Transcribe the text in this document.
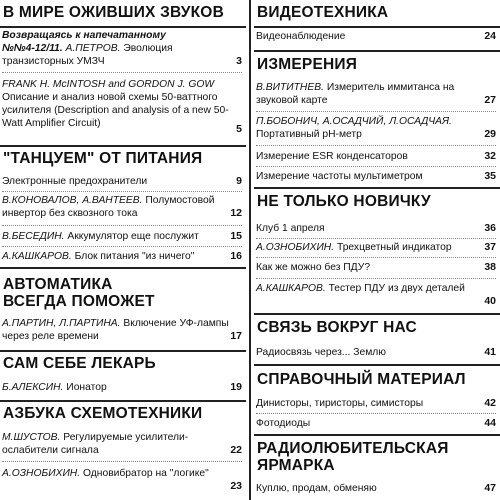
В МИРЕ ОЖИВШИХ ЗВУКОВ
Возвращаясь к напечатанному
№№4-12/11. А.ПЕТРОВ. Эволюция транзисторных УМЗЧ	3
FRANK H. McINTOSH and GORDON J. GOW
Описание и анализ новой схемы 50-ваттного усилителя (Description and analysis of a new 50-Watt Amplifier Circuit)	5
"ТАНЦУЕМ" ОТ ПИТАНИЯ
Электронные предохранители	9
В.КОНОВАЛОВ, А.ВАНТЕЕВ. Полумостовой инвертор без сквозного тока	12
В.БЕСЕДИН. Аккумулятор еще послужит	15
А.КАШКАРОВ. Блок питания "из ничего"	16
АВТОМАТИКА
ВСЕГДА ПОМОЖЕТ
А.ПАРТИН, Л.ПАРТИНА. Включение УФ-лампы через реле времени	17
САМ СЕБЕ ЛЕКАРЬ
Б.АЛЕКСИН. Ионатор	19
АЗБУКА СХЕМОТЕХНИКИ
М.ШУСТОВ. Регулируемые усилители-ослабители сигнала	22
А.ОЗНОБИХИН. Одновибратор на "логике"
23
ВИДЕОТЕХНИКА
Видеонаблюдение	24
ИЗМЕРЕНИЯ
В.ВИТИТНЕВ. Измеритель иммитанса на звуковой карте	27
П.БОБОНИЧ, А.ОСАДЧИЙ, Л.ОСАДЧАЯ.
Портативный pH-метр	29
Измерение ESR конденсаторов	32
Измерение частоты мультиметром	35
НЕ ТОЛЬКО НОВИЧКУ
Клуб 1 апреля	36
А.ОЗНОБИХИН. Трехцветный индикатор	37
Как же можно без ПДУ?	38
А.КАШКАРОВ. Тестер ПДУ из двух деталей
40
СВЯЗЬ ВОКРУГ НАС
Радиосвязь через... Землю	41
СПРАВОЧНЫЙ МАТЕРИАЛ
Динисторы, тиристоры, симисторы	42
Фотодиоды	44
РАДИОЛЮБИТЕЛЬСКАЯ
ЯРМАРКА
Куплю, продам, обменяю	47
